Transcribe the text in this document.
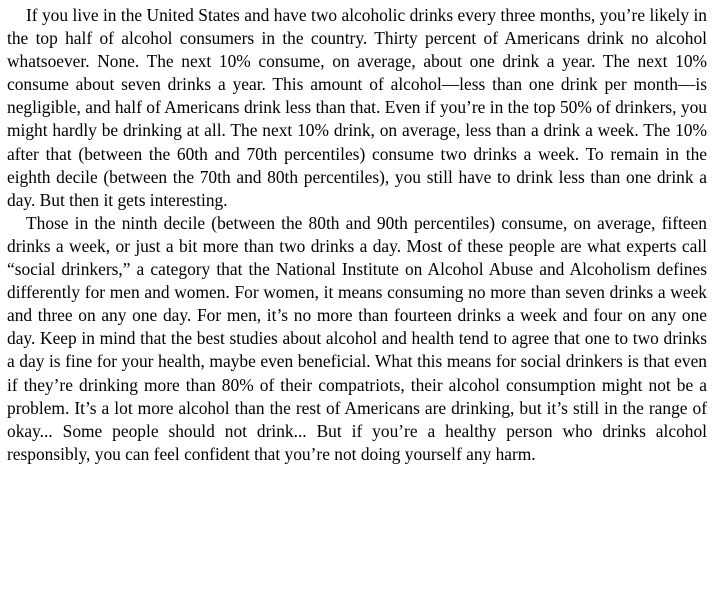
If you live in the United States and have two alcoholic drinks every three months, you’re likely in the top half of alcohol consumers in the country. Thirty percent of Americans drink no alcohol whatsoever. None. The next 10% consume, on average, about one drink a year. The next 10% consume about seven drinks a year. This amount of alcohol—less than one drink per month—is negligible, and half of Americans drink less than that. Even if you’re in the top 50% of drinkers, you might hardly be drinking at all. The next 10% drink, on average, less than a drink a week. The 10% after that (between the 60th and 70th percentiles) consume two drinks a week. To remain in the eighth decile (between the 70th and 80th percentiles), you still have to drink less than one drink a day. But then it gets interesting.

Those in the ninth decile (between the 80th and 90th percentiles) consume, on average, fifteen drinks a week, or just a bit more than two drinks a day. Most of these people are what experts call “social drinkers,” a category that the National Institute on Alcohol Abuse and Alcoholism defines differently for men and women. For women, it means consuming no more than seven drinks a week and three on any one day. For men, it’s no more than fourteen drinks a week and four on any one day. Keep in mind that the best studies about alcohol and health tend to agree that one to two drinks a day is fine for your health, maybe even beneficial. What this means for social drinkers is that even if they’re drinking more than 80% of their compatriots, their alcohol consumption might not be a problem. It’s a lot more alcohol than the rest of Americans are drinking, but it’s still in the range of okay... Some people should not drink... But if you’re a healthy person who drinks alcohol responsibly, you can feel confident that you’re not doing yourself any harm.
